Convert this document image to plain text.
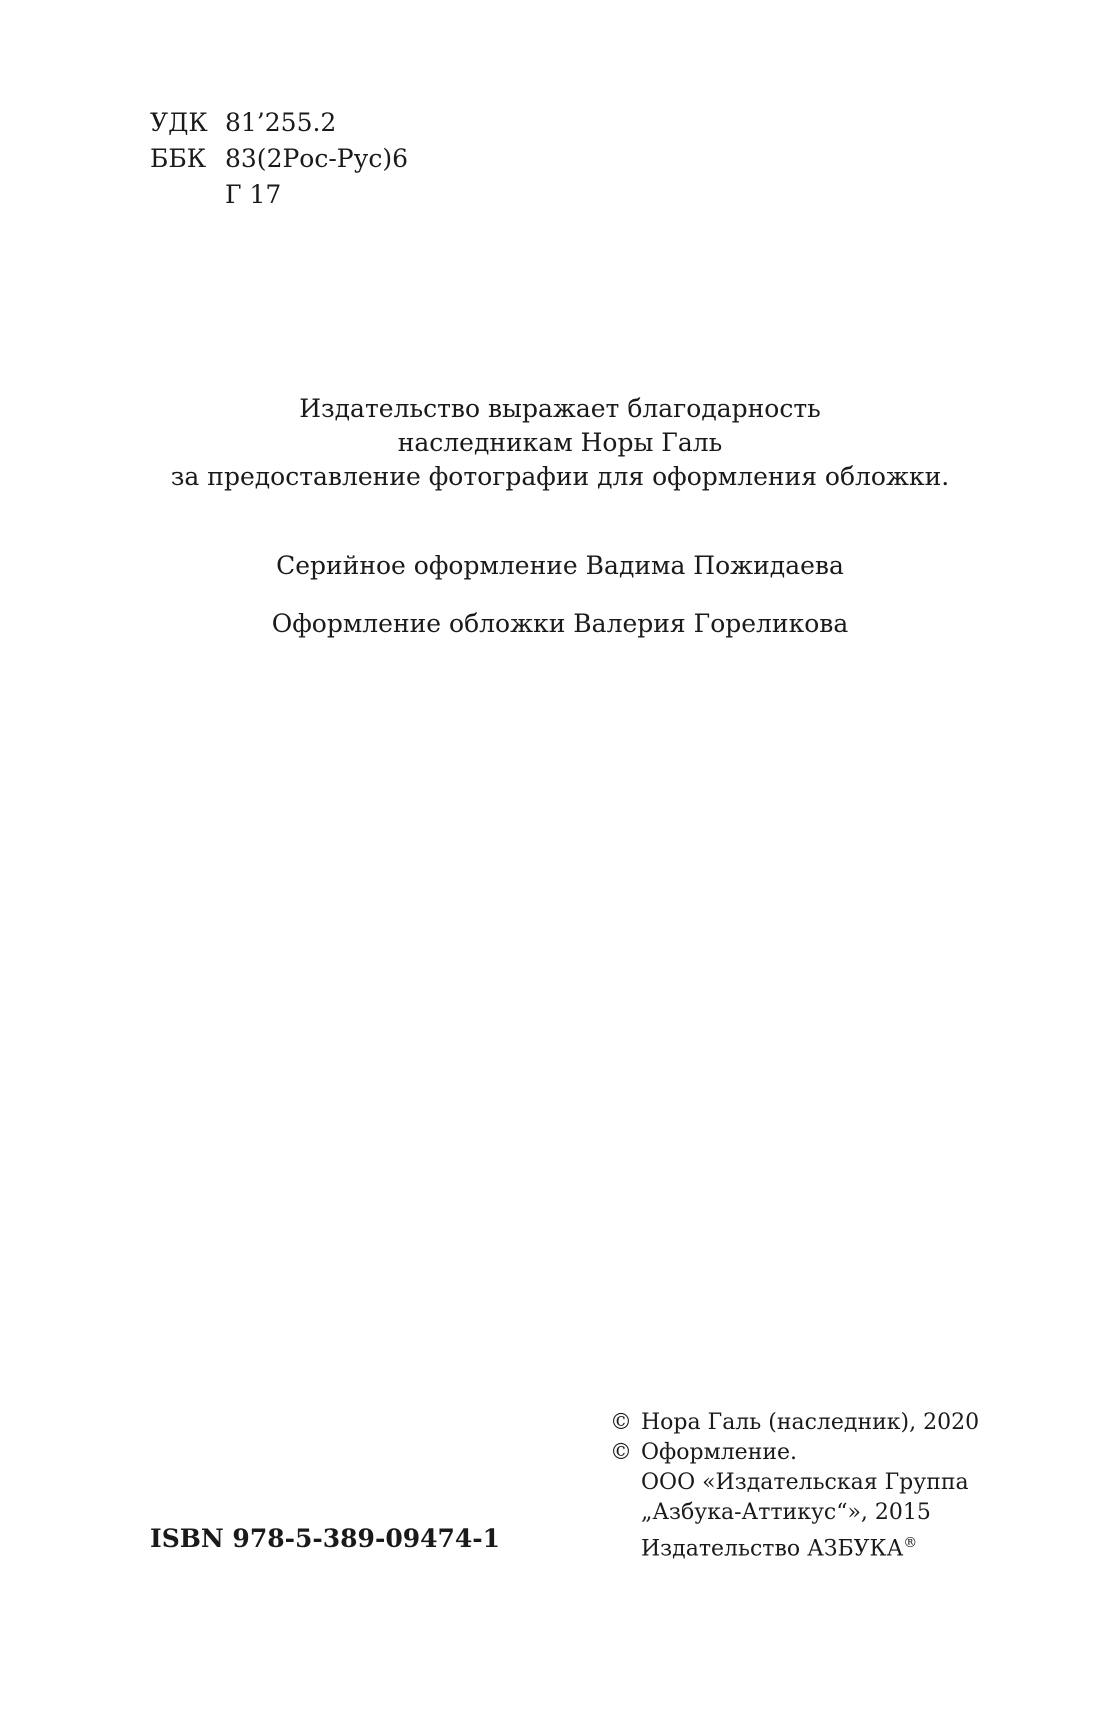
УДК 81’255.2
ББК 83(2Рос-Рус)6
Г 17
Издательство выражает благодарность
наследникам Норы Галь
за предоставление фотографии для оформления обложки.
Серийное оформление Вадима Пожидаева
Оформление обложки Валерия Гореликова
© Нора Галь (наследник), 2020
© Оформление.
ООО «Издательская Группа
„Азбука-Аттикус“», 2015
Издательство АЗБУКА®
ISBN 978-5-389-09474-1
